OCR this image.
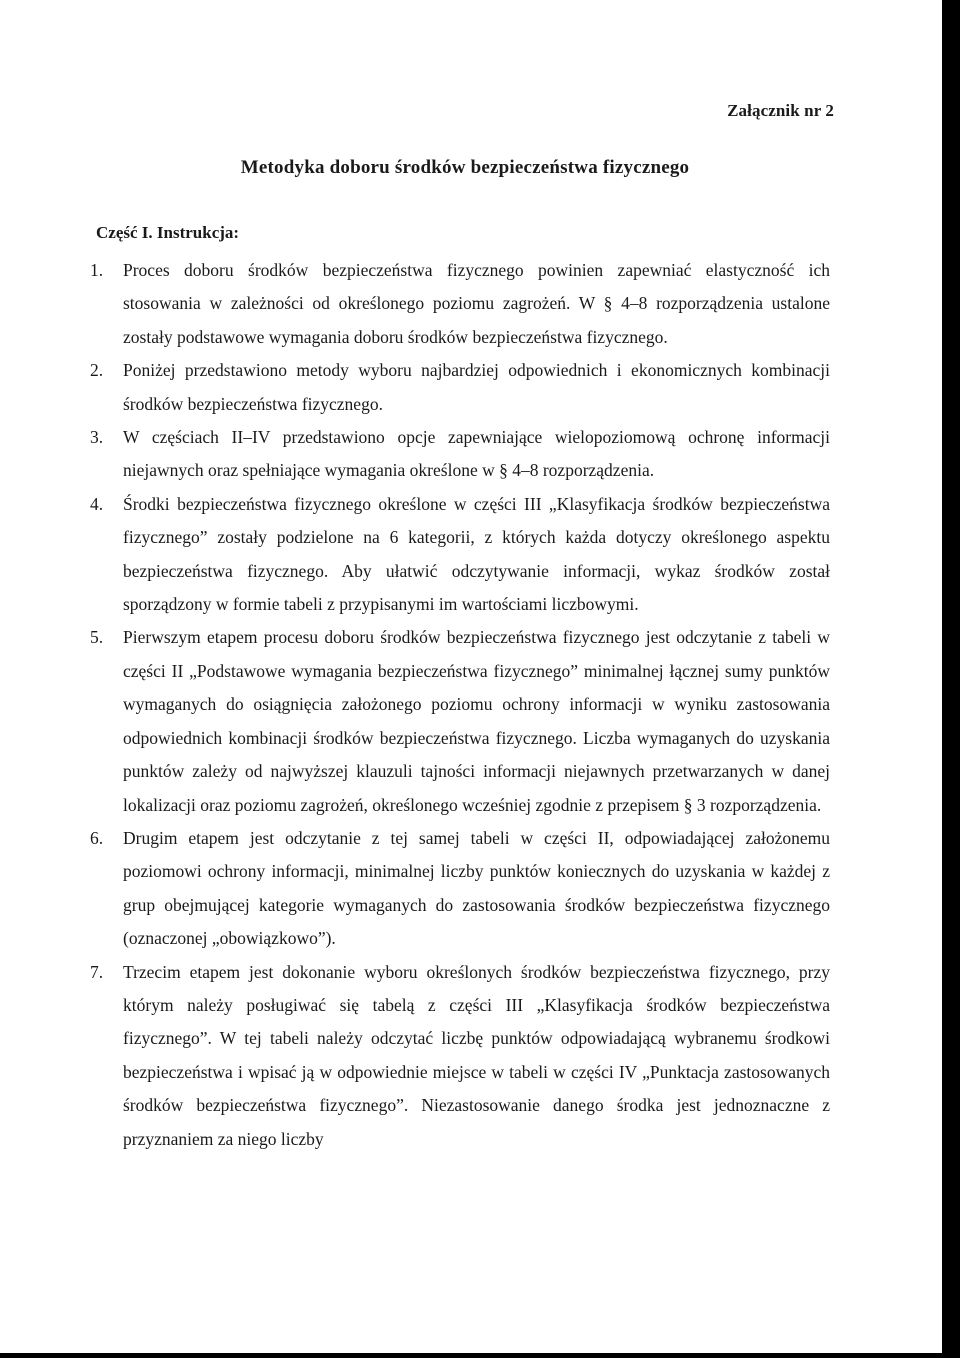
Załącznik nr 2
Metodyka doboru środków bezpieczeństwa fizycznego
Część I. Instrukcja:
1.	Proces doboru środków bezpieczeństwa fizycznego powinien zapewniać elastyczność ich stosowania w zależności od określonego poziomu zagrożeń. W § 4–8 rozporządzenia ustalone zostały podstawowe wymagania doboru środków bezpieczeństwa fizycznego.
2.	Poniżej przedstawiono metody wyboru najbardziej odpowiednich i ekonomicznych kombinacji środków bezpieczeństwa fizycznego.
3.	W częściach II–IV przedstawiono opcje zapewniające wielopoziomową ochronę informacji niejawnych oraz spełniające wymagania określone w § 4–8 rozporządzenia.
4.	Środki bezpieczeństwa fizycznego określone w części III „Klasyfikacja środków bezpieczeństwa fizycznego” zostały podzielone na 6 kategorii, z których każda dotyczy określonego aspektu bezpieczeństwa fizycznego. Aby ułatwić odczytywanie informacji, wykaz środków został sporządzony w formie tabeli z przypisanymi im wartościami liczbowymi.
5.	Pierwszym etapem procesu doboru środków bezpieczeństwa fizycznego jest odczytanie z tabeli w części II „Podstawowe wymagania bezpieczeństwa fizycznego” minimalnej łącznej sumy punktów wymaganych do osiągnięcia założonego poziomu ochrony informacji w wyniku zastosowania odpowiednich kombinacji środków bezpieczeństwa fizycznego. Liczba wymaganych do uzyskania punktów zależy od najwyższej klauzuli tajności informacji niejawnych przetwarzanych w danej lokalizacji oraz poziomu zagrożeń, określonego wcześniej zgodnie z przepisem § 3 rozporządzenia.
6.	Drugim etapem jest odczytanie z tej samej tabeli w części II, odpowiadającej założonemu poziomowi ochrony informacji, minimalnej liczby punktów koniecznych do uzyskania w każdej z grup obejmującej kategorie wymaganych do zastosowania środków bezpieczeństwa fizycznego (oznaczonej „obowiązkowo”).
7.	Trzecim etapem jest dokonanie wyboru określonych środków bezpieczeństwa fizycznego, przy którym należy posługiwać się tabelą z części III „Klasyfikacja środków bezpieczeństwa fizycznego”. W tej tabeli należy odczytać liczbę punktów odpowiadającą wybranemu środkowi bezpieczeństwa i wpisać ją w odpowiednie miejsce w tabeli w części IV „Punktacja zastosowanych środków bezpieczeństwa fizycznego”. Niezastosowanie danego środka jest jednoznaczne z przyznaniem za niego liczby
